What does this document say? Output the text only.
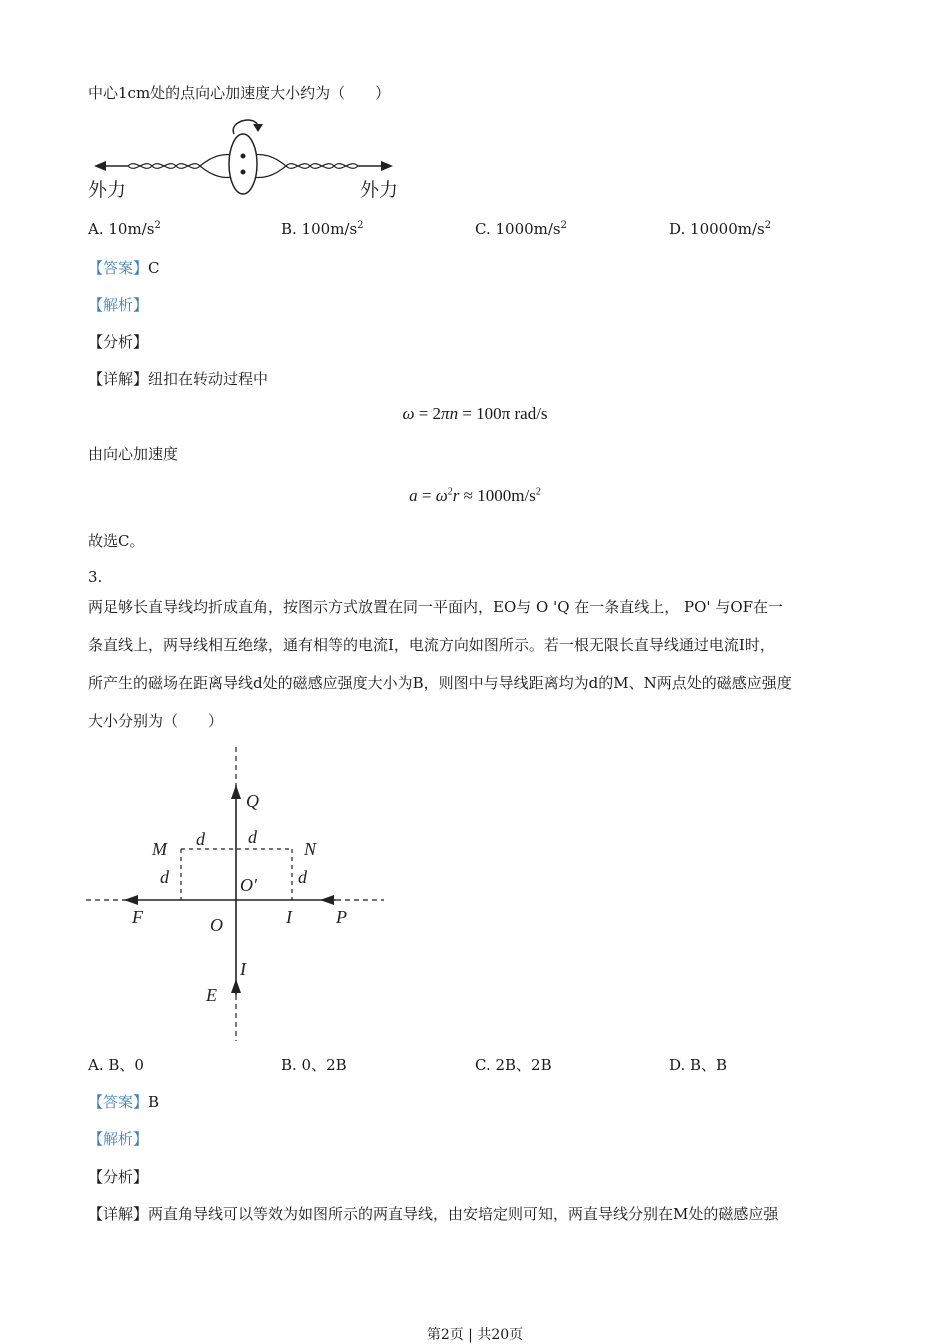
中心1cm处的点向心加速度大小约为（　　）
外力	外力
A. $10m/s^2$	B. $100m/s^2$	C. $1000m/s^2$	D. $10000m/s^2$
【答案】C
【解析】
【分析】
【详解】纽扣在转动过程中
ω = 2πn = 100π rad/s
由向心加速度
$a = \omega^2r \approx 1000m/s^2$
故选C。
3.
两足够长直导线均折成直角，按图示方式放置在同一平面内，EO与 O 'Q 在一条直线上， PO' 与OF在一
条直线上，两导线相互绝缘，通有相等的电流I，电流方向如图所示。若一根无限长直导线通过电流I时，
所产生的磁场在距离导线d处的磁感应强度大小为B，则图中与导线距离均为d的M、N两点处的磁感应强度
大小分别为（　　）
Q
M d d
N
d	O′ d
F	O	I P
I
E
A. B、0	B. 0、2B	C. 2B、2B	D. B、B
【答案】B
【解析】
【分析】
【详解】两直角导线可以等效为如图所示的两直导线，由安培定则可知，两直导线分别在M处的磁感应强
第2页 | 共20页
